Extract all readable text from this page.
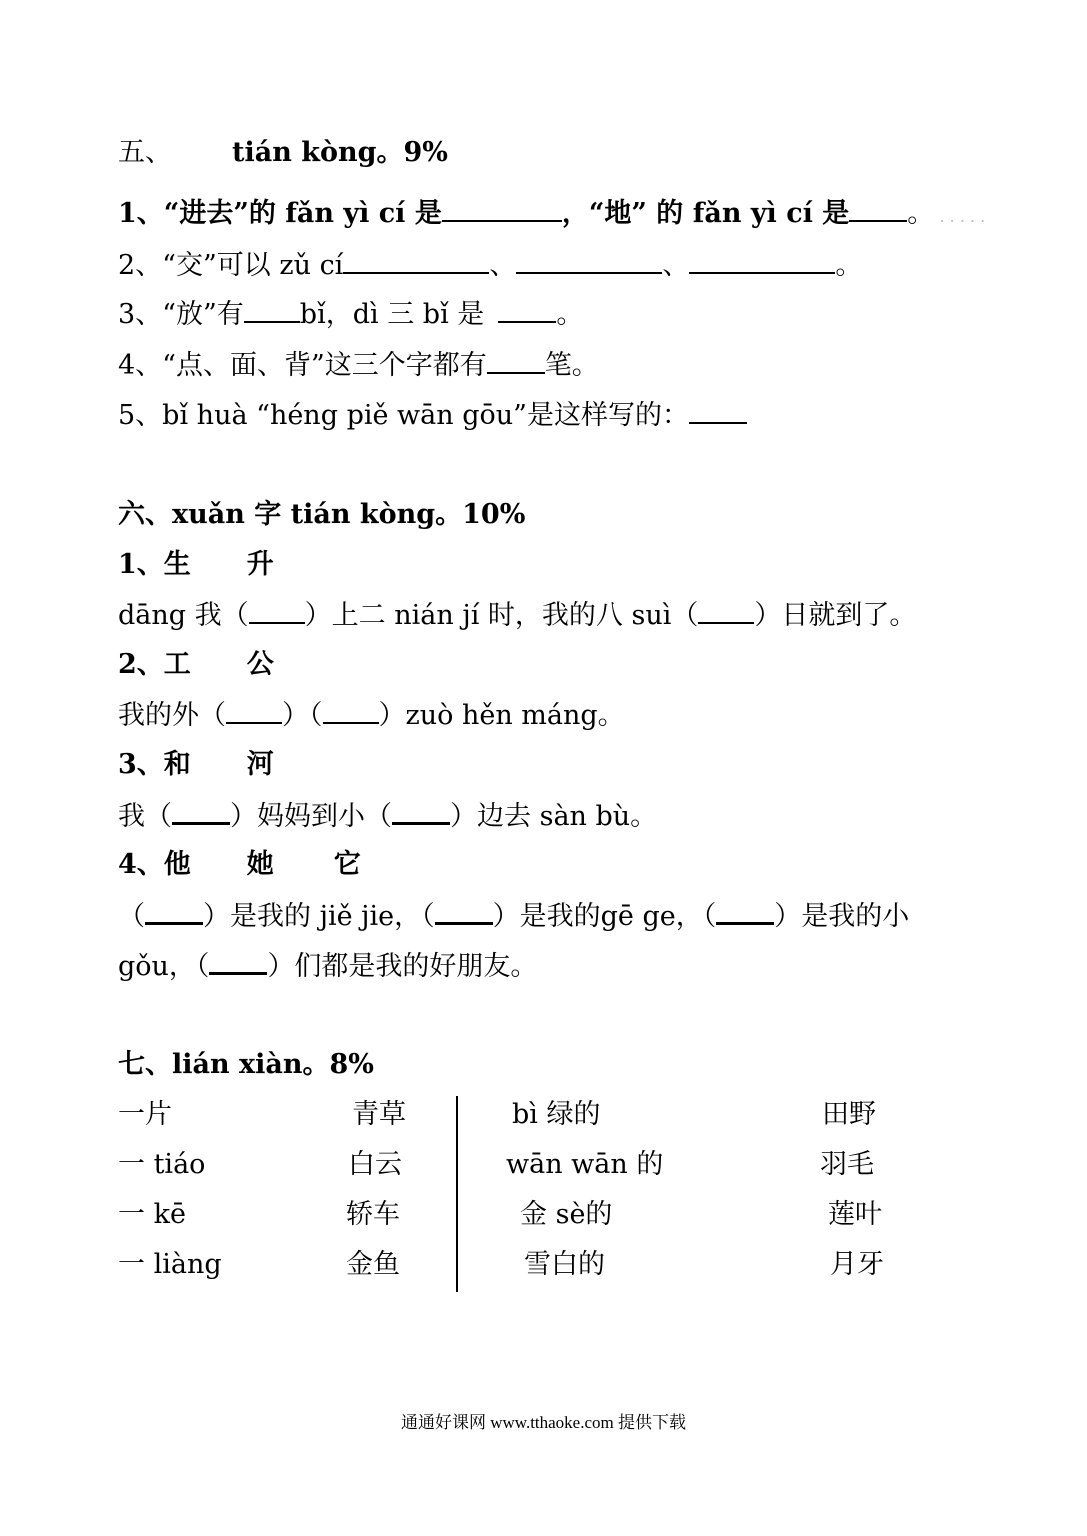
五、 tián kòng。9%
1、“进去”的 fǎn yì cí 是	，“地” 的 fǎn yì cí 是 。 . . . . .
2、“交”可以 zǔ cí	、	、	。
3、“放”有 bǐ，dì 三 bǐ 是	。
4、“点、面、背”这三个字都有 笔。
5、bǐ huà “héng piě wān gōu”是这样写的：
六、xuǎn 字 tián kòng。10%
1、生 升
dāng 我（ ）上二 nián jí 时，我的八 suì（ ）日就到了。
2、工 公
我的外（ ）（ ）zuò hěn máng。
3、和 河
我（ ）妈妈到小（ ）边去 sàn bù。
4、他 她 它
（ ）是我的 jiě jie，（ ）是我的gē ge，（ ）是我的小
gǒu，（ ）们都是我的好朋友。
七、lián xiàn。8%
一片	青草
一 tiáo	白云
一 kē	轿车
一 liàng	金鱼
bì 绿的	田野
wān wān 的	羽毛
金 sè的	莲叶
雪白的	月牙
通通好课网 www.tthaoke.com 提供下载
